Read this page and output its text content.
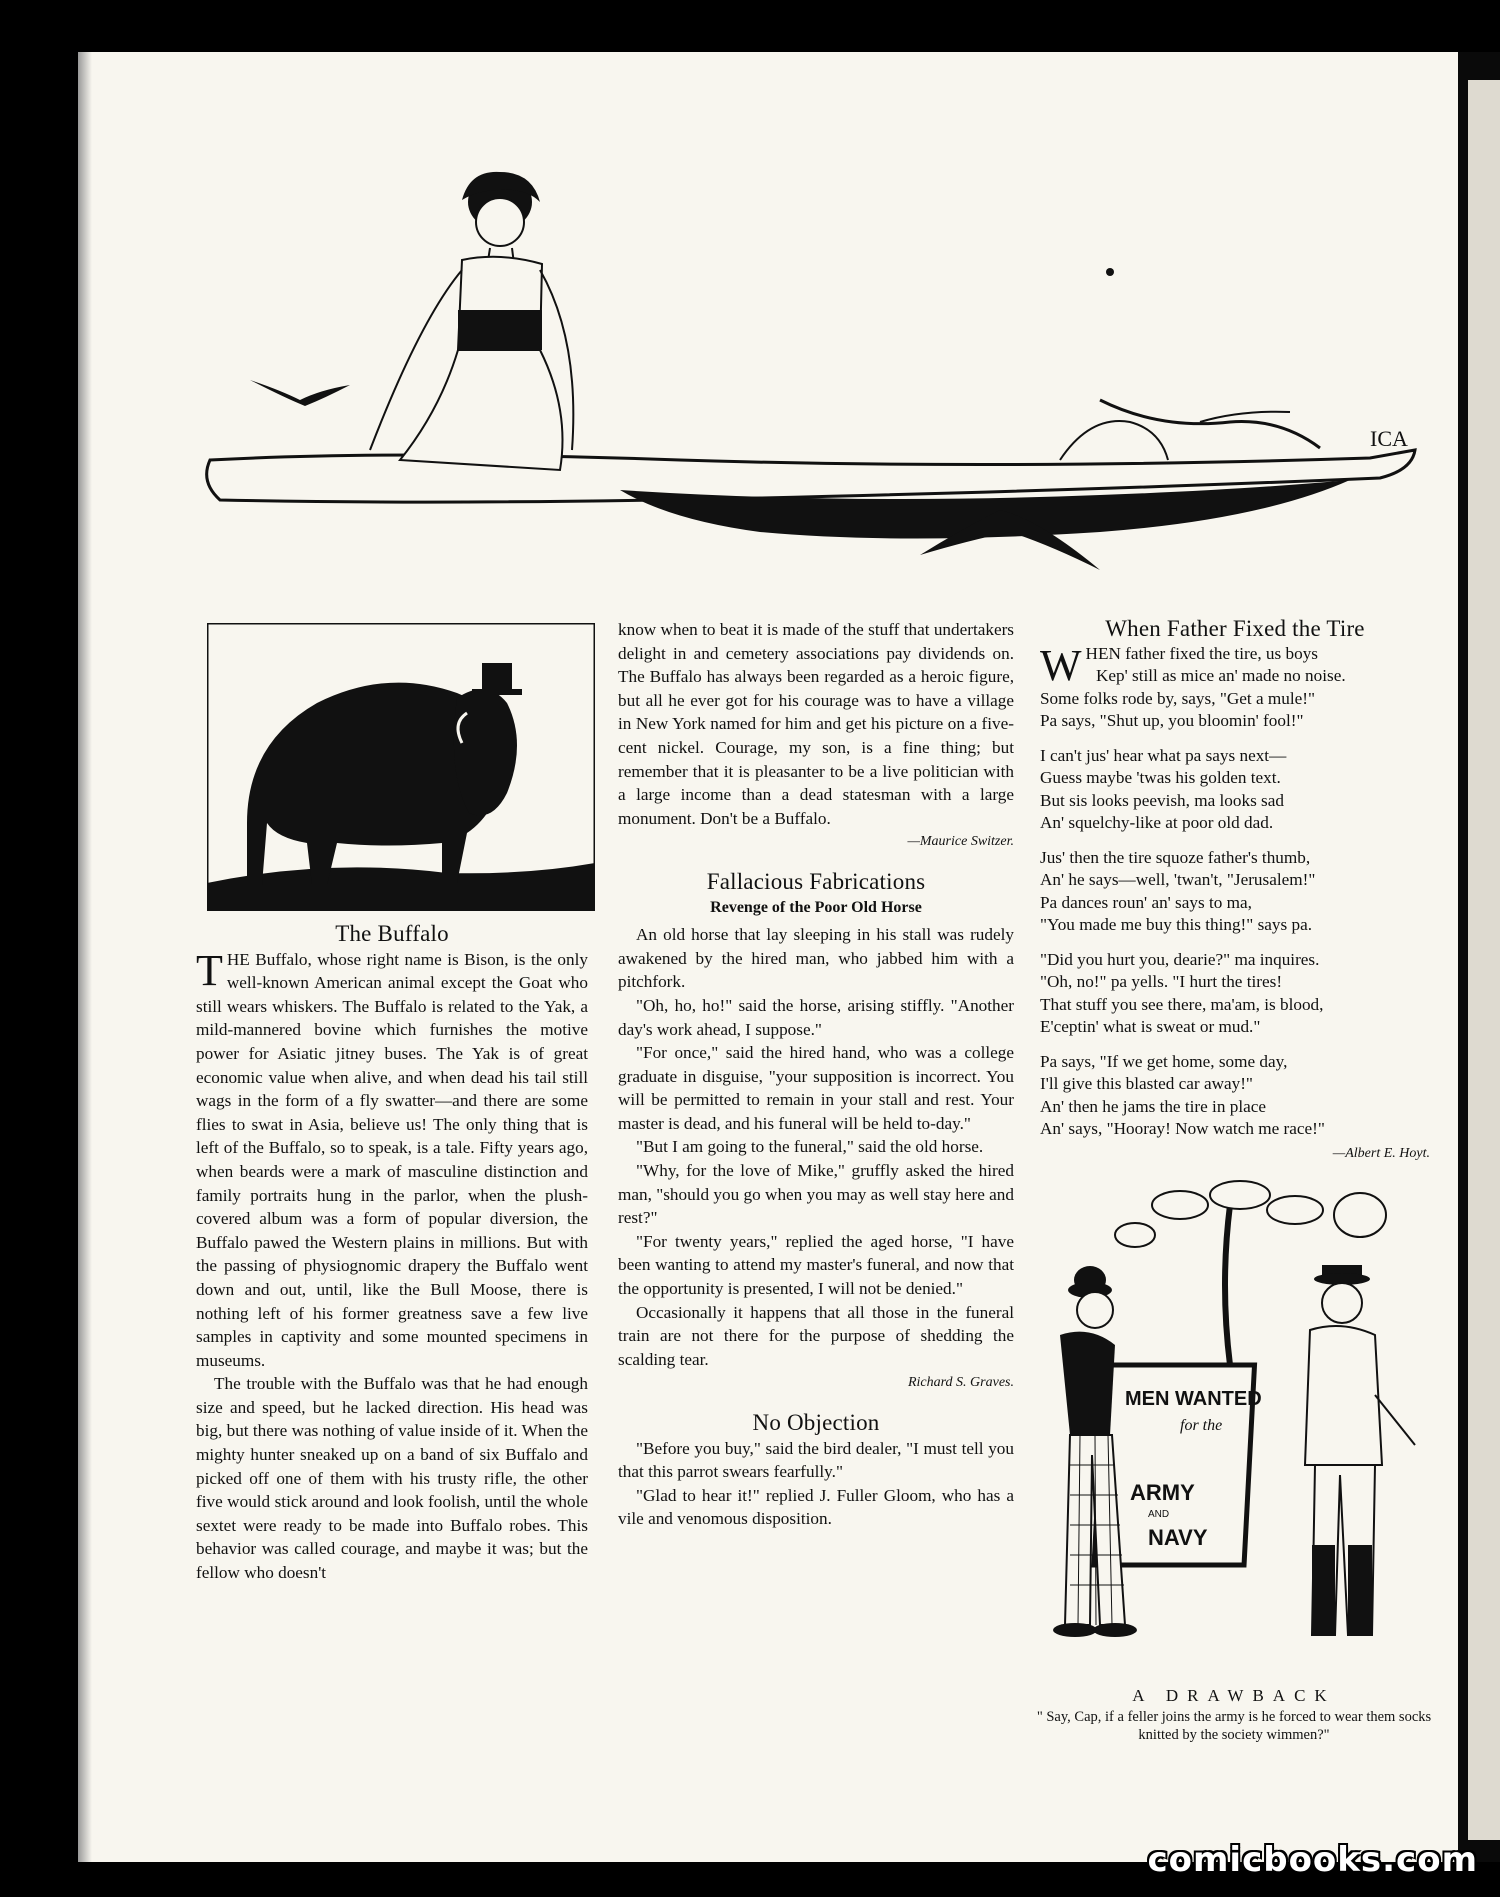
ICA
The Buffalo

THE Buffalo, whose right name is Bison, is the only well-known American animal except the Goat who still wears whiskers. The Buffalo is related to the Yak, a mild-mannered bovine which furnishes the motive power for Asiatic jitney buses. The Yak is of great economic value when alive, and when dead his tail still wags in the form of a fly swatter—and there are some flies to swat in Asia, believe us! The only thing that is left of the Buffalo, so to speak, is a tale. Fifty years ago, when beards were a mark of masculine distinction and family portraits hung in the parlor, when the plush-covered album was a form of popular diversion, the Buffalo pawed the Western plains in millions. But with the passing of physiognomic drapery the Buffalo went down and out, until, like the Bull Moose, there is nothing left of his former greatness save a few live samples in captivity and some mounted specimens in museums.

The trouble with the Buffalo was that he had enough size and speed, but he lacked direction. His head was big, but there was nothing of value inside of it. When the mighty hunter sneaked up on a band of six Buffalo and picked off one of them with his trusty rifle, the other five would stick around and look foolish, until the whole sextet were ready to be made into Buffalo robes. This behavior was called courage, and maybe it was; but the fellow who doesn't

know when to beat it is made of the stuff that undertakers delight in and cemetery associations pay dividends on. The Buffalo has always been regarded as a heroic figure, but all he ever got for his courage was to have a village in New York named for him and get his picture on a five-cent nickel. Courage, my son, is a fine thing; but remember that it is pleasanter to be a live politician with a large income than a dead statesman with a large monument. Don't be a Buffalo.

—Maurice Switzer.
Fallacious Fabrications
Revenge of the Poor Old Horse

An old horse that lay sleeping in his stall was rudely awakened by the hired man, who jabbed him with a pitchfork.

"Oh, ho, ho!" said the horse, arising stiffly. "Another day's work ahead, I suppose."

"For once," said the hired hand, who was a college graduate in disguise, "your supposition is incorrect. You will be permitted to remain in your stall and rest. Your master is dead, and his funeral will be held to-day."

"But I am going to the funeral," said the old horse.

"Why, for the love of Mike," gruffly asked the hired man, "should you go when you may as well stay here and rest?"

"For twenty years," replied the aged horse, "I have been wanting to attend my master's funeral, and now that the opportunity is presented, I will not be denied."

Occasionally it happens that all those in the funeral train are not there for the purpose of shedding the scalding tear.

Richard S. Graves.
No Objection

"Before you buy," said the bird dealer, "I must tell you that this parrot swears fearfully."

"Glad to hear it!" replied J. Fuller Gloom, who has a vile and venomous disposition.

When Father Fixed the Tire
W HEN father fixed the tire, us boys
Kep' still as mice an' made no noise.
Some folks rode by, says, "Get a mule!"
Pa says, "Shut up, you bloomin' fool!"
I can't jus' hear what pa says next—
Guess maybe 'twas his golden text.
But sis looks peevish, ma looks sad
An' squelchy-like at poor old dad.
Jus' then the tire squoze father's thumb,
An' he says—well, 'twan't, "Jerusalem!"
Pa dances roun' an' says to ma,
"You made me buy this thing!" says pa.
"Did you hurt you, dearie?" ma inquires.
"Oh, no!" pa yells. "I hurt the tires!
That stuff you see there, ma'am, is blood,
E'ceptin' what is sweat or mud."
Pa says, "If we get home, some day,
I'll give this blasted car away!"
An' then he jams the tire in place
An' says, "Hooray! Now watch me race!"
—Albert E. Hoyt.
MEN WANTED
for the
ARMY
AND
NAVY
A DRAWBACK
" Say, Cap, if a feller joins the army is he forced to wear them socks knitted by the society wimmen?"
comicbooks.com
